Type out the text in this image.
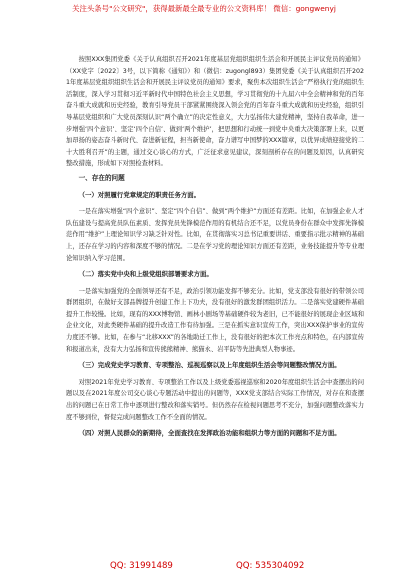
关注头条号"公文研究"，获得最新最全最专业的公文资料库！ 微信：gongwenyj

按照XXX集团党委《关于认真组织召开2021年度基层党组织组织生活会和开展民主评议党员的通知》（XX党字〔2022〕3号，以下简称《通知》）和（微信：zugongl893）集团党委《关于认真组织召开2021年度基层党组织组织生活会和开展民主评议党员的通知》要求，聚焦本次组织生活会“严格执行党的组织生活制度，深入学习贯彻习近平新时代中国特色社会主义思想，学习贯彻党的十九届六中全会精神和党的百年奋斗重大成就和历史经验，教育引导党员干部紧紧围绕深入领会党的百年奋斗重大成就和历史经验，组织引导基层党组织和广大党员深刻认识“两个确立”的决定性意义，大力弘扬伟大建党精神，坚持自我革命，进一步增强‘四个意识’、坚定‘四个自信’、做到‘两个维护’，把思想和行动统一到党中央重大决策部署上来，以更加昂扬的姿态奋斗新时代、奋进新征程，担当新使命，奋力谱写中国梦的XXX篇章，以优异成绩迎接党的二十大胜利召开”的主题，通过交心谈心的方式，广泛征求意见建议，深刻剖析存在的问题及原因，认真研究整改措施，形成如下对照检查材料。

一、存在的问题

（一）对照履行党章规定的职责任务方面。

一是在落实增强“四个意识”、坚定“四个自信”、做到“两个维护”方面还有差距。比如，在加强企业人才队伍建设与提高党员队伍素质、发挥党员先锋模范作用的有机结合还不足，以党员身份在群众中发挥先锋模范作用“维护”上理论知识学习缺乏针对性。比如，在贯彻落实习总书记重要讲话、重要指示批示精神的基础上，还存在学习的内容和深度不够的情况。二是在学习党的理论知识方面还有差距，业务技能提升等专业理论知识纳入学习范围。

（二）落实党中央和上级党组织部署要求方面。

一是落实加强党的全面领导还有不足，政治引领功能发挥不够充分。比如，党支部没有很好的带领公司群团组织，在做好支部品牌提升创建工作上下功夫，没有很好的激发群团组织活力。二是落实党建硬件基础提升工作较慢。比如，现有的XXX博物馆、画林小剧场等基础硬件较为老旧，已不能很好的展现企业区域和企业文化，对此类硬件基础的提升改造工作有待加强。三是在抓实意识宣传工作，突出XXX保护事业的宣传力度还不够。比如，在参与“北移XXX”的各地助迁工作上，没有很好的把本次工作亮点和特色，在内部宣传和报道出来，没有大力弘扬和宣传熊熊精神、熊猫永、岩平防等先进典型人物事迹。

（三）完成党史学习教育、专项整治、巡视巡察以及上年度组织生活会等问题整改情况方面。

对照2021年党史学习教育、专项整治工作以及上级党委巡视巡察和2020年度组织生活会中查摆出的问题以及在2021年度公司交心谈心专题活动中提出的问题等，XXX党支部结合实际工作情况，对存在和查摆出的问题已在日常工作中逐项进行整改和落实销号。但仍然存在检视问题思考不充分，加强问题整改落实力度不够到位，督促完成问题整改工作不全面的情况。

（四）对照人民群众的新期待，全面查找在发挥政治功能和组织力等方面的问题和不足方面。

QQ: 31991489	QQ: 535304092
